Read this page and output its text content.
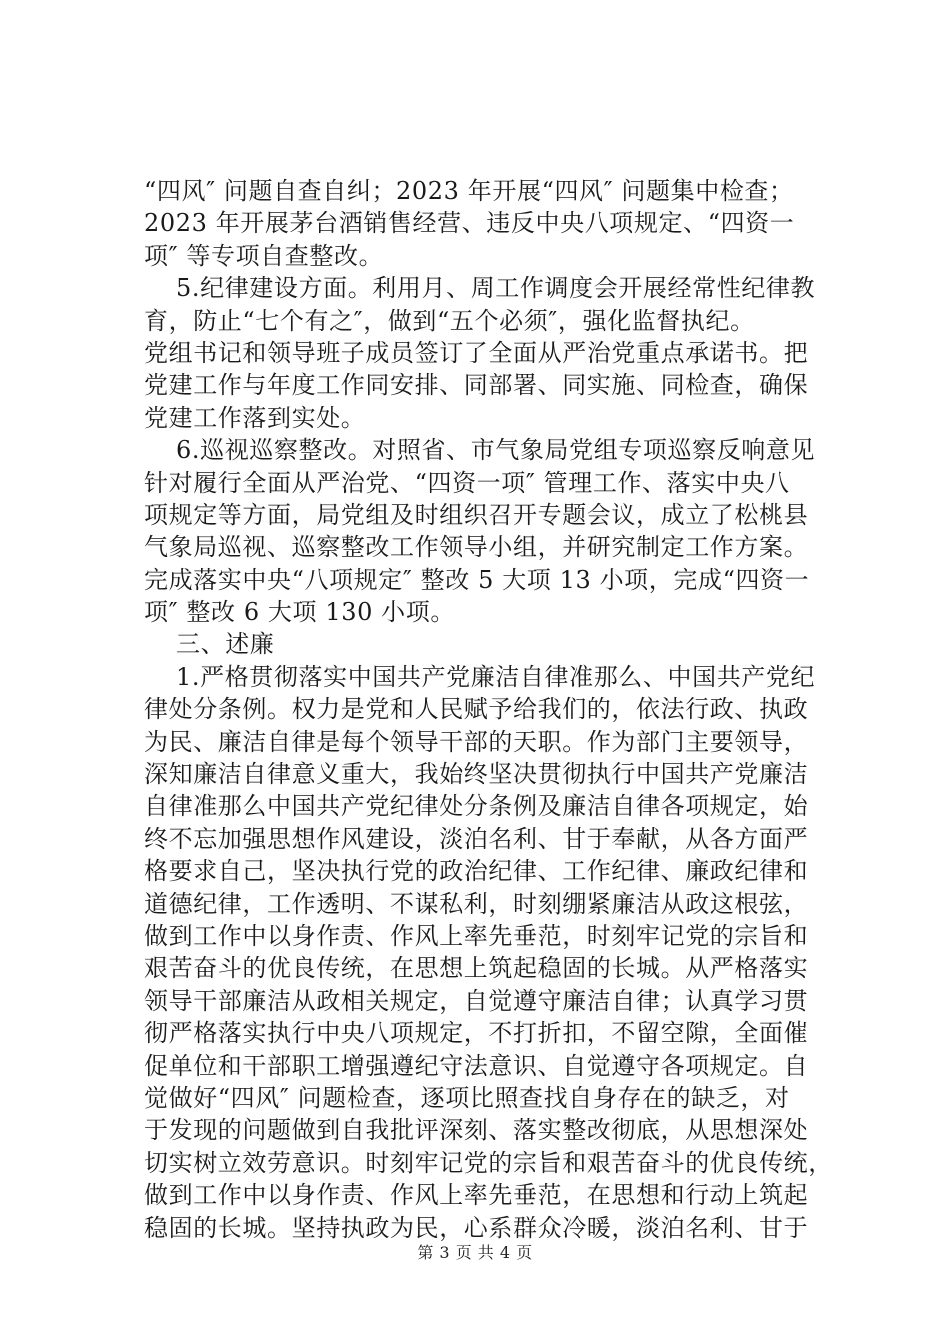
“四风″ 问题自查自纠；2023 年开展“四风″ 问题集中检查；
2023 年开展茅台酒销售经营、违反中央八项规定、“四资一
项″ 等专项自查整改。
5.纪律建设方面。利用月、周工作调度会开展经常性纪律教
育，防止“七个有之″，做到“五个必须″，强化监督执纪。
党组书记和领导班子成员签订了全面从严治党重点承诺书。把
党建工作与年度工作同安排、同部署、同实施、同检查，确保
党建工作落到实处。
6.巡视巡察整改。对照省、市气象局党组专项巡察反响意见
针对履行全面从严治党、“四资一项″ 管理工作、落实中央八
项规定等方面，局党组及时组织召开专题会议，成立了松桃县
气象局巡视、巡察整改工作领导小组，并研究制定工作方案。
完成落实中央“八项规定″ 整改 5 大项 13 小项，完成“四资一
项″ 整改 6 大项 130 小项。
三、述廉
1.严格贯彻落实中国共产党廉洁自律准那么、中国共产党纪
律处分条例。权力是党和人民赋予给我们的，依法行政、执政
为民、廉洁自律是每个领导干部的天职。作为部门主要领导，
深知廉洁自律意义重大，我始终坚决贯彻执行中国共产党廉洁
自律准那么中国共产党纪律处分条例及廉洁自律各项规定，始
终不忘加强思想作风建设，淡泊名利、甘于奉献，从各方面严
格要求自己，坚决执行党的政治纪律、工作纪律、廉政纪律和
道德纪律，工作透明、不谋私利，时刻绷紧廉洁从政这根弦，
做到工作中以身作责、作风上率先垂范，时刻牢记党的宗旨和
艰苦奋斗的优良传统，在思想上筑起稳固的长城。从严格落实
领导干部廉洁从政相关规定，自觉遵守廉洁自律；认真学习贯
彻严格落实执行中央八项规定，不打折扣，不留空隙，全面催
促单位和干部职工增强遵纪守法意识、自觉遵守各项规定。自
觉做好“四风″ 问题检查，逐项比照查找自身存在的缺乏，对
于发现的问题做到自我批评深刻、落实整改彻底，从思想深处
切实树立效劳意识。时刻牢记党的宗旨和艰苦奋斗的优良传统，
做到工作中以身作责、作风上率先垂范，在思想和行动上筑起
稳固的长城。坚持执政为民，心系群众冷暖，淡泊名利、甘于
第 3 页 共 4 页
